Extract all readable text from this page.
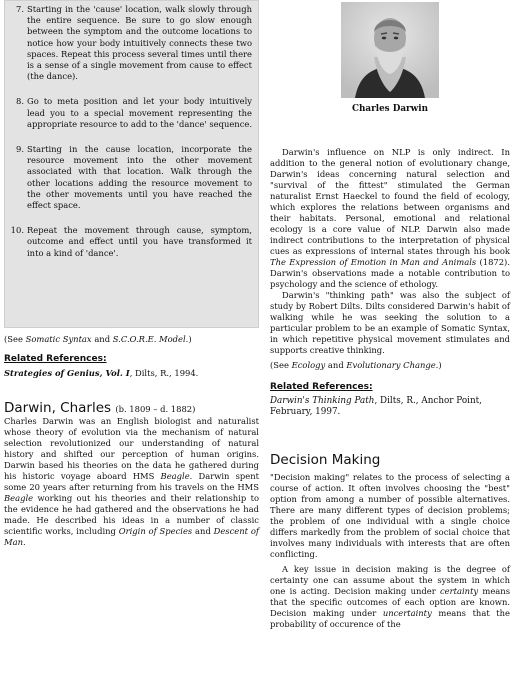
7. Starting in the 'cause' location, walk slowly through the entire sequence. Be sure to go slow enough between the symptom and the outcome locations to notice how your body intuitively connects these two spaces. Repeat this process several times until there is a sense of a single movement from cause to effect (the dance).
8. Go to meta position and let your body intuitively lead you to a special movement representing the appropriate resource to add to the 'dance' sequence.
9. Starting in the cause location, incorporate the resource movement into the other movement associated with that location. Walk through the other locations adding the resource movement to the other movements until you have reached the effect space.
10. Repeat the movement through cause, symptom, outcome and effect until you have transformed it into a kind of 'dance'.
(See Somatic Syntax and S.C.O.R.E. Model.)
Related References:
Strategies of Genius, Vol. I, Dilts, R., 1994.
Darwin, Charles (b. 1809 – d. 1882)

Charles Darwin was an English biologist and naturalist whose theory of evolution via the mechanism of natural selection revolutionized our understanding of natural history and shifted our perception of human origins. Darwin based his theories on the data he gathered during his historic voyage aboard HMS Beagle. Darwin spent some 20 years after returning from his travels on the HMS Beagle working out his theories and their relationship to the evidence he had gathered and the observations he had made. He described his ideas in a number of classic scientific works, including Origin of Species and Descent of Man.

Charles Darwin

Darwin's influence on NLP is only indirect. In addition to the general notion of evolutionary change, Darwin's ideas concerning natural selection and "survival of the fittest" stimulated the German naturalist Ernst Haeckel to found the field of ecology, which explores the relations between organisms and their habitats. Personal, emotional and relational ecology is a core value of NLP. Darwin also made indirect contributions to the interpretation of physical cues as expressions of internal states through his book The Expression of Emotion in Man and Animals (1872). Darwin's observations made a notable contribution to psychology and the science of ethology.

Darwin's "thinking path" was also the subject of study by Robert Dilts. Dilts considered Darwin's habit of walking while he was seeking the solution to a particular problem to be an example of Somatic Syntax, in which repetitive physical movement stimulates and supports creative thinking.

(See Ecology and Evolutionary Change.)

Related References:
Darwin's Thinking Path, Dilts, R., Anchor Point, February, 1997.
Decision Making

"Decision making" relates to the process of selecting a course of action. It often involves choosing the "best" option from among a number of possible alternatives. There are many different types of decision problems; the problem of one individual with a single choice differs markedly from the problem of social choice that involves many individuals with interests that are often conflicting.

A key issue in decision making is the degree of certainty one can assume about the system in which one is acting. Decision making under certainty means that the specific outcomes of each option are known. Decision making under uncertainty means that the probability of occurence of the
